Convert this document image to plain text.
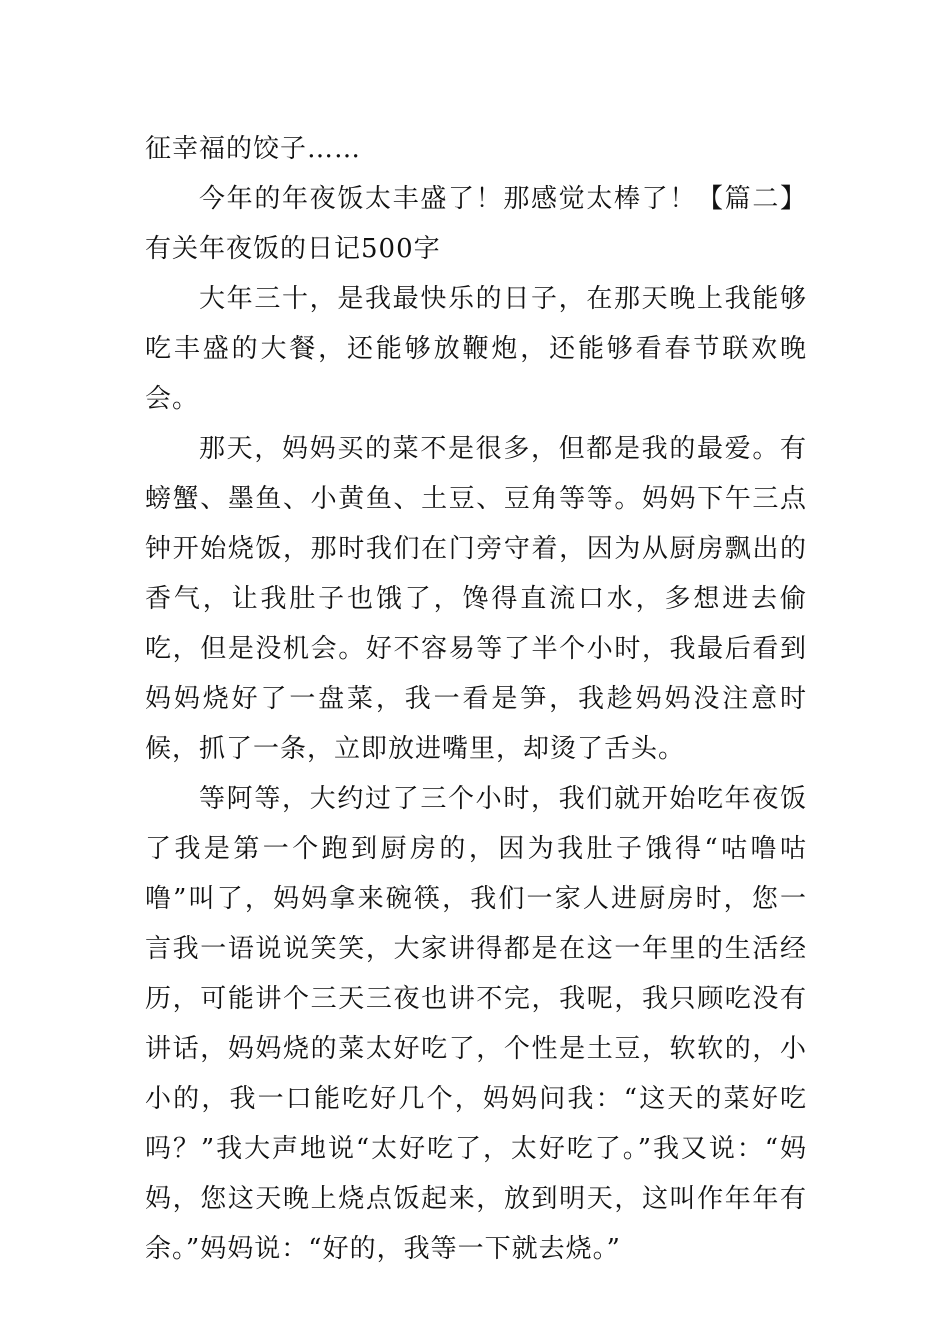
征幸福的饺子……

今年的年夜饭太丰盛了！那感觉太棒了！【篇二】有关年夜饭的日记500字

大年三十，是我最快乐的日子，在那天晚上我能够吃丰盛的大餐，还能够放鞭炮，还能够看春节联欢晚会。

那天，妈妈买的菜不是很多，但都是我的最爱。有螃蟹、墨鱼、小黄鱼、土豆、豆角等等。妈妈下午三点钟开始烧饭，那时我们在门旁守着，因为从厨房飘出的香气，让我肚子也饿了，馋得直流口水，多想进去偷吃，但是没机会。好不容易等了半个小时，我最后看到妈妈烧好了一盘菜，我一看是笋，我趁妈妈没注意时候，抓了一条，立即放进嘴里，却烫了舌头。

等阿等，大约过了三个小时，我们就开始吃年夜饭了我是第一个跑到厨房的，因为我肚子饿得“咕噜咕噜”叫了，妈妈拿来碗筷，我们一家人进厨房时，您一言我一语说说笑笑，大家讲得都是在这一年里的生活经历，可能讲个三天三夜也讲不完，我呢，我只顾吃没有讲话，妈妈烧的菜太好吃了，个性是土豆，软软的，小小的，我一口能吃好几个，妈妈问我：“这天的菜好吃吗？”我大声地说“太好吃了，太好吃了。”我又说：“妈妈，您这天晚上烧点饭起来，放到明天，这叫作年年有余。”妈妈说：“好的，我等一下就去烧。”
